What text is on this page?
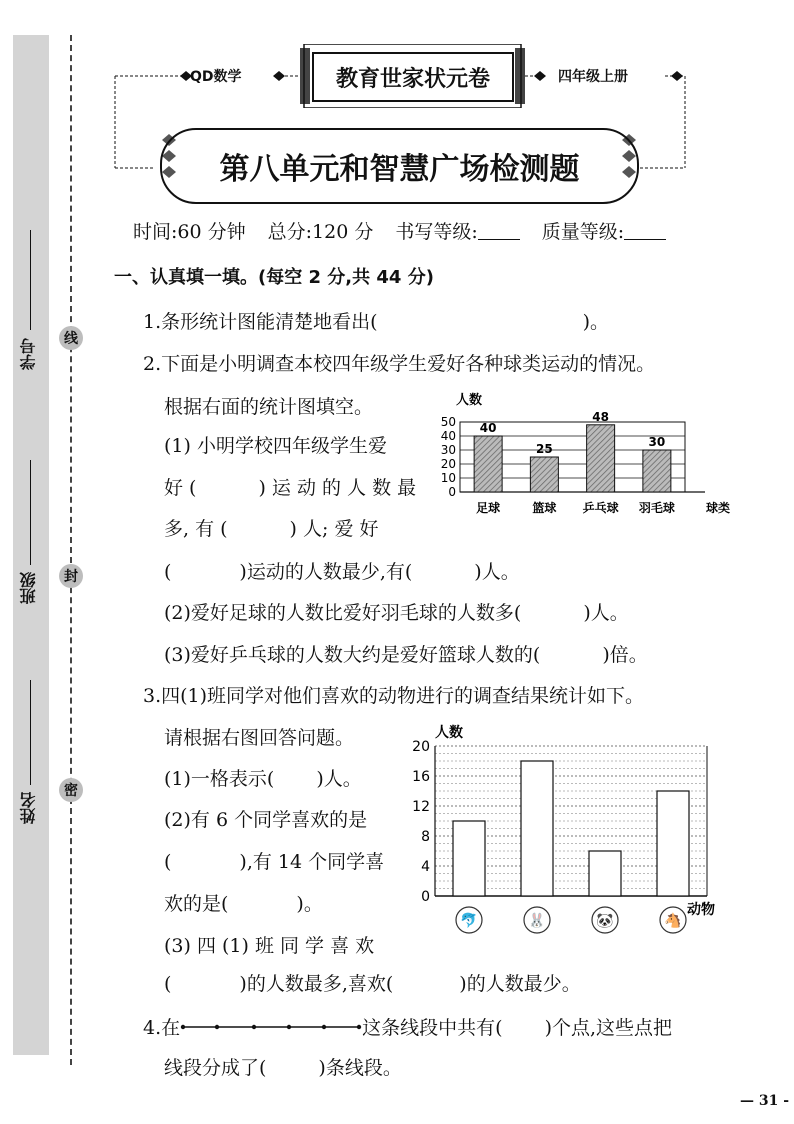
学号
班级
姓名
线
封
密
QD数学	教育世家状元卷	四年级上册
第八单元和智慧广场检测题
时间:60 分钟 总分:120 分 书写等级:	质量等级:
一、认真填一填。(每空 2 分,共 44 分)
1.条形统计图能清楚地看出(	)。
2.下面是小明调查本校四年级学生爱好各种球类运动的情况。
根据右面的统计图填空。
(1) 小明学校四年级学生爱
好 (	) 运 动 的 人 数 最
多, 有 (	) 人; 爱 好
(	)运动的人数最少,有(	)人。
(2)爱好足球的人数比爱好羽毛球的人数多(	)人。
(3)爱好乒乓球的人数大约是爱好篮球人数的(	)倍。
人数
0
10
20
30
40
50 40
足球
25
篮球
48
乒乓球
30
羽毛球	球类
3.四(1)班同学对他们喜欢的动物进行的调查结果统计如下。
请根据右图回答问题。
(1)一格表示( )人。
(2)有 6 个同学喜欢的是
(	),有 14 个同学喜
欢的是(	)。
(3) 四 (1) 班 同 学 喜 欢
(	)的人数最多,喜欢(	)的人数最少。
人数
0
4
8
12
16
20
🐬	🐰	🐼	🐴
动物
4.在	这条线段中共有( )个点,这些点把
线段分成了(	)条线段。
— 31 -
